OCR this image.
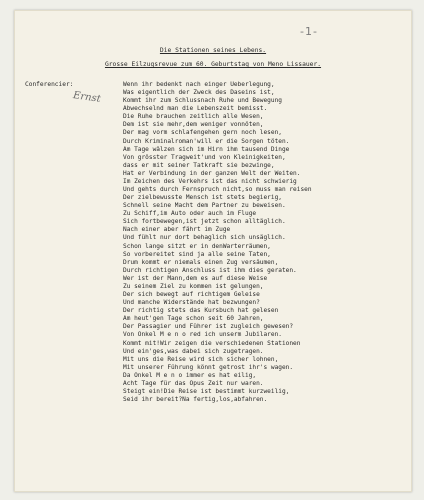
-1-
Die Stationen seines Lebens.
Grosse Eilzugsrevue zum 60. Geburtstag von Meno Lissauer.
Conferencier:
Ernst
Wenn ihr bedenkt nach einger Ueberlegung,
Was eigentlich der Zweck des Daseins ist,
Kommt ihr zum Schlussnach Ruhe und Bewegung
Abwechselnd man die Lebenszeit bemisst.
Die Ruhe brauchen zeitlich alle Wesen,
Dem ist sie mehr,dem weniger vonnöten,
Der mag vorm schlafengehen gern noch lesen,
Durch Kriminalroman'will er die Sorgen töten.
Am Tage wälzen sich im Hirn ihm tausend Dinge
Von grösster Tragweit'und von Kleinigkeiten,
dass er mit seiner Tatkraft sie bezwinge,
Hat er Verbindung in der ganzen Welt der Weiten.
Im Zeichen des Verkehrs ist das nicht schwierig
Und gehts durch Fernspruch nicht,so muss man reisen
Der zielbewusste Mensch ist stets begierig,
Schnell seine Macht dem Partner zu beweisen.
Zu Schiff,im Auto oder auch im Fluge
Sich fortbewegen,ist jetzt schon alltäglich.
Nach einer aber fährt im Zuge
Und fühlt nur dort behaglich sich unsäglich.
Schon lange sitzt er in denWarterräumen,
So vorbereitet sind ja alle seine Taten,
Drum kommt er niemals einen Zug versäumen,
Durch richtigen Anschluss ist ihm dies geraten.
Wer ist der Mann,dem es auf diese Weise
Zu seinem Ziel zu kommen ist gelungen,
Der sich bewegt auf richtigem Geleise
Und manche Widerstände hat bezwungen?
Der richtig stets das Kursbuch hat gelesen
Am heut'gen Tage schon seit 60 Jahren,
Der Passagier und Führer ist zugleich gewesen?
Von Onkel M e n o red ich unserm Jubilaren.
Kommt mit!Wir zeigen die verschiedenen Stationen
Und ein'ges,was dabei sich zugetragen.
Mit uns die Reise wird sich sicher lohnen,
Mit unserer Führung könnt getrost ihr's wagen.
Da Onkel M e n o immer es hat eilig,
Acht Tage für das Opus Zeit nur waren.
Steigt ein!Die Reise ist bestimmt kurzweilig,
Seid ihr bereit?Na fertig,los,abfahren.
